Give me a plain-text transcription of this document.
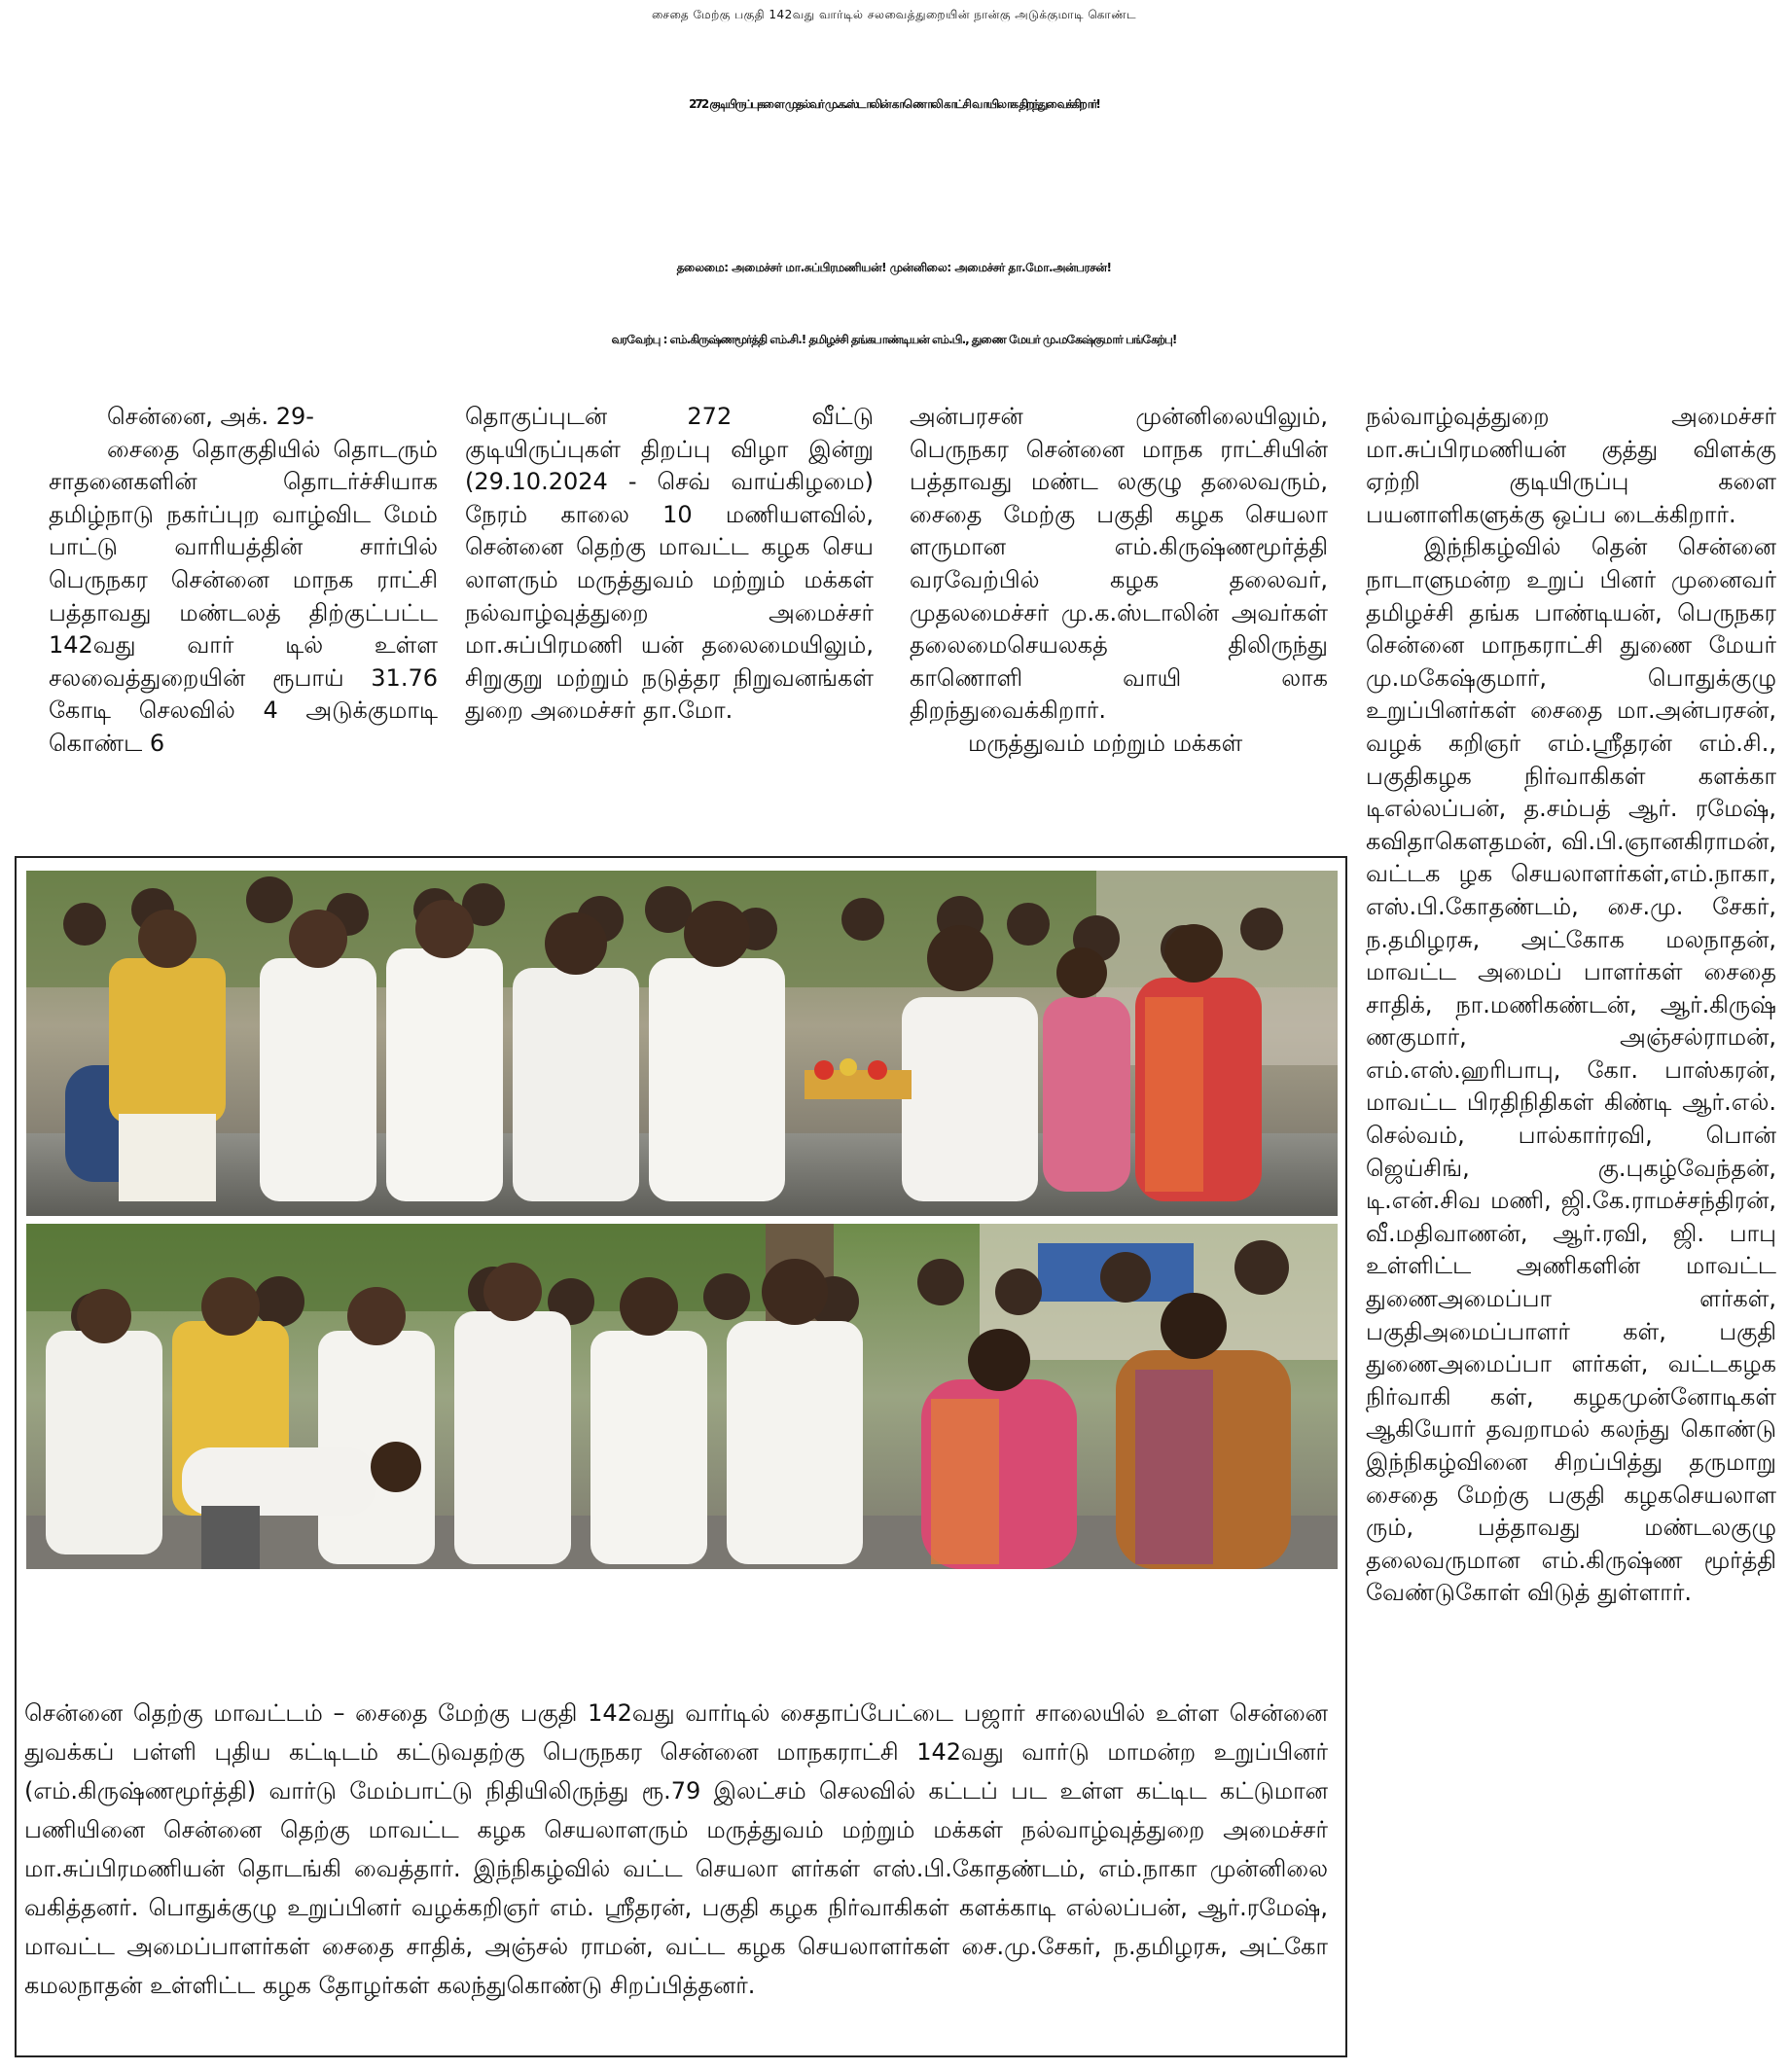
சைதை மேற்கு பகுதி 142வது வார்டில் சலவைத்துறையின் நான்கு அடுக்குமாடி கொண்ட
272 குடியிருப்புகளை முதல்வர் மு.க.ஸ்டாலின் காணொலி காட்சி வாயிலாக திறந்துவைக்கிறார்!
தலைமை: அமைச்சர் மா.சுப்பிரமணியன்! முன்னிலை: அமைச்சர் தா.மோ.அன்பரசன்!
வரவேற்பு : எம்.கிருஷ்ணமூர்த்தி எம்.சி.! தமிழச்சி தங்கபாண்டியன் எம்.பி., துணை மேயர் மு.மகேஷ்குமார் பங்கேற்பு!

சென்னை, அக். 29-

சைதை தொகுதியில் தொடரும் சாதனைகளின் தொடர்ச்சியாக தமிழ்நாடு நகர்ப்புற வாழ்விட மேம் பாட்டு வாரியத்தின் சார்பில் பெருநகர சென்னை மாநக ராட்சி பத்தாவது மண்டலத் திற்குட்பட்ட 142வது வார் டில் உள்ள சலவைத்துறையின் ரூபாய் 31.76 கோடி செலவில் 4 அடுக்குமாடி கொண்ட 6

தொகுப்புடன் 272 வீட்டு குடியிருப்புகள் திறப்பு விழா இன்று (29.10.2024 - செவ் வாய்கிழமை) நேரம் காலை 10 மணியளவில், சென்னை தெற்கு மாவட்ட கழக செய லாளரும் மருத்துவம் மற்றும் மக்கள் நல்வாழ்வுத்துறை அமைச்சர் மா.சுப்பிரமணி யன் தலைமையிலும், சிறுகுறு மற்றும் நடுத்தர நிறுவனங்கள் துறை அமைச்சர் தா.மோ.

அன்பரசன் முன்னிலையிலும், பெருநகர சென்னை மாநக ராட்சியின் பத்தாவது மண்ட லகுழு தலைவரும், சைதை மேற்கு பகுதி கழக செயலா ளருமான எம்.கிருஷ்ணமூர்த்தி வரவேற்பில் கழக தலைவர், முதலமைச்சர் மு.க.ஸ்டாலின் அவர்கள் தலைமைசெயலகத் திலிருந்து காணொளி வாயி லாக திறந்துவைக்கிறார்.

மருத்துவம் மற்றும் மக்கள்

நல்வாழ்வுத்துறை அமைச்சர் மா.சுப்பிரமணியன் குத்து விளக்கு ஏற்றி குடியிருப்பு களை பயனாளிகளுக்கு ஒப்ப டைக்கிறார்.

இந்நிகழ்வில் தென் சென்னை நாடாளுமன்ற உறுப் பினர் முனைவர் தமிழச்சி தங்க பாண்டியன், பெருநகர சென்னை மாநகராட்சி துணை மேயர் மு.மகேஷ்குமார், பொதுக்குழு உறுப்பினர்கள் சைதை மா.அன்பரசன், வழக் கறிஞர் எம்.ஸ்ரீதரன் எம்.சி., பகுதிகழக நிர்வாகிகள் களக்கா டிஎல்லப்பன், த.சம்பத் ஆர். ரமேஷ், கவிதாகௌதமன், வி.பி.ஞானகிராமன், வட்டக ழக செயலாளர்கள்,எம்.நாகா, எஸ்.பி.கோதண்டம், சை.மு. சேகர், ந.தமிழரசு, அட்கோக மலநாதன், மாவட்ட அமைப் பாளர்கள் சைதை சாதிக், நா.மணிகண்டன், ஆர்.கிருஷ் ணகுமார், அஞ்சல்ராமன், எம்.எஸ்.ஹரிபாபு, கோ. பாஸ்கரன், மாவட்ட பிரதிநிதிகள் கிண்டி ஆர்.எல். செல்வம், பால்கார்ரவி, பொன் ஜெய்சிங், கு.புகழ்வேந்தன், டி.என்.சிவ மணி, ஜி.கே.ராமச்சந்திரன், வீ.மதிவாணன், ஆர்.ரவி, ஜி. பாபு உள்ளிட்ட அணிகளின் மாவட்ட துணைஅமைப்பா ளர்கள், பகுதிஅமைப்பாளர் கள், பகுதி துணைஅமைப்பா ளர்கள், வட்டகழக நிர்வாகி கள், கழகமுன்னோடிகள் ஆகியோர் தவறாமல் கலந்து கொண்டு இந்நிகழ்வினை சிறப்பித்து தருமாறு சைதை மேற்கு பகுதி கழகசெயலாள ரும், பத்தாவது மண்டலகுழு தலைவருமான எம்.கிருஷ்ண மூர்த்தி வேண்டுகோள் விடுத் துள்ளார்.

சென்னை தெற்கு மாவட்டம் – சைதை மேற்கு பகுதி 142வது வார்டில் சைதாப்பேட்டை பஜார் சாலையில் உள்ள சென்னை துவக்கப் பள்ளி புதிய கட்டிடம் கட்டுவதற்கு பெருநகர சென்னை மாநகராட்சி 142வது வார்டு மாமன்ற உறுப்பினர் (எம்.கிருஷ்ணமூர்த்தி) வார்டு மேம்பாட்டு நிதியிலிருந்து ரூ.79 இலட்சம் செலவில் கட்டப் பட உள்ள கட்டிட கட்டுமான பணியினை சென்னை தெற்கு மாவட்ட கழக செயலாளரும் மருத்துவம் மற்றும் மக்கள் நல்வாழ்வுத்துறை அமைச்சர் மா.சுப்பிரமணியன் தொடங்கி வைத்தார். இந்நிகழ்வில் வட்ட செயலா ளர்கள் எஸ்.பி.கோதண்டம், எம்.நாகா முன்னிலை வகித்தனர். பொதுக்குழு உறுப்பினர் வழக்கறிஞர் எம். ஸ்ரீதரன், பகுதி கழக நிர்வாகிகள் களக்காடி எல்லப்பன், ஆர்.ரமேஷ், மாவட்ட அமைப்பாளர்கள் சைதை சாதிக், அஞ்சல் ராமன், வட்ட கழக செயலாளர்கள் சை.மு.சேகர், ந.தமிழரசு, அட்கோ கமலநாதன் உள்ளிட்ட கழக தோழர்கள் கலந்துகொண்டு சிறப்பித்தனர்.
